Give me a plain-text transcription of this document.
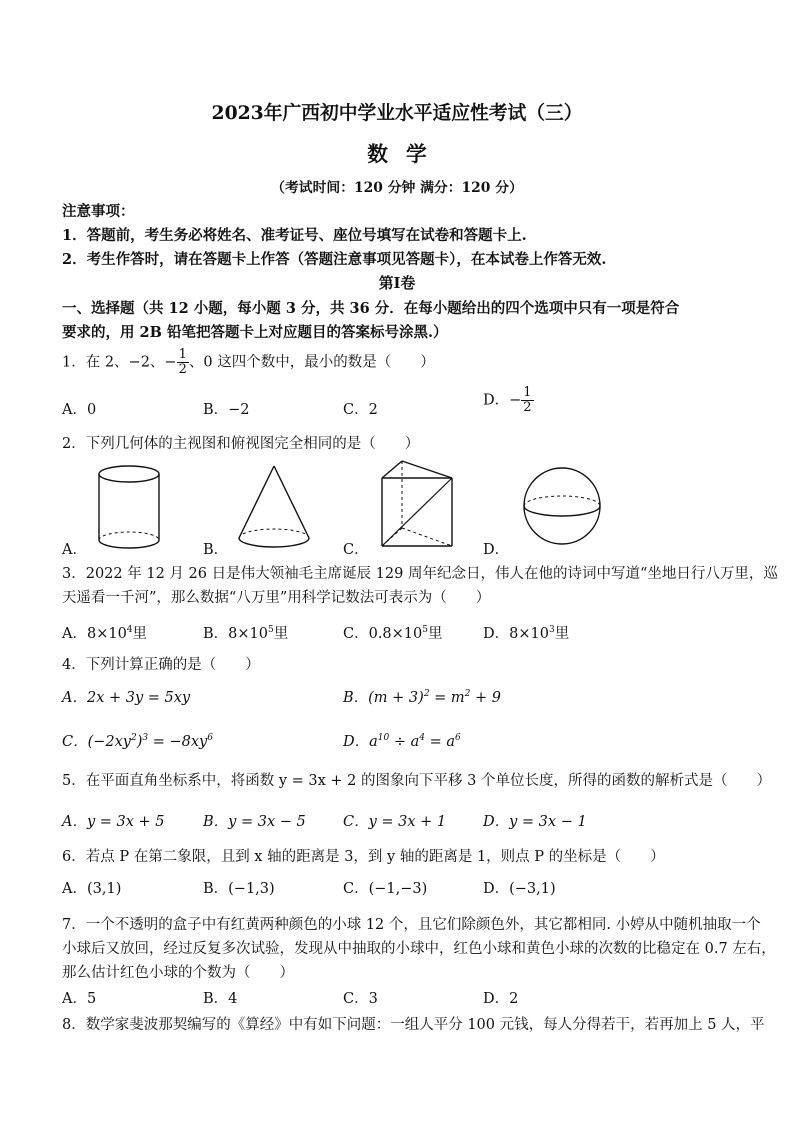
2023年广西初中学业水平适应性考试（三）
数学
（考试时间：120 分钟 满分：120 分）
注意事项：
1．答题前，考生务必将姓名、准考证号、座位号填写在试卷和答题卡上.
2．考生作答时，请在答题卡上作答（答题注意事项见答题卡），在本试卷上作答无效.
第Ⅰ卷
一、选择题（共 12 小题，每小题 3 分，共 36 分．在每小题给出的四个选项中只有一项是符合
要求的，用 2B 铅笔把答题卡上对应题目的答案标号涂黑.）
1．在 2、−2、− $\frac{1}{2}$ 、0 这四个数中，最小的数是（　　）
A．0	B．−2	C．2
D．− $\frac{1}{2}$
2．下列几何体的主视图和俯视图完全相同的是（　　）
A．	B．	C．	D．
3．2022 年 12 月 26 日是伟大领袖毛主席诞辰 129 周年纪念日，伟人在他的诗词中写道“坐地日行八万里，巡
天遥看一千河”，那么数据“八万里”用科学记数法可表示为（　　）
A．$8\times 10^4$里	B．$8\times 10^5$里	C．$0.8\times 10^5$里	D．$8\times 10^3$里
4．下列计算正确的是（　　）
A．2x + 3y = 5xy	B．$(m + 3)^2 = m^2 + 9$
C．$(-2xy^2)^3 = -8xy^6$	D．$a^{10} \div a^4 = a^6$
5．在平面直角坐标系中，将函数 y = 3x + 2 的图象向下平移 3 个单位长度，所得的函数的解析式是（　　）
A．y = 3x + 5	B．y = 3x − 5	C．y = 3x + 1	D．y = 3x − 1
6．若点 P 在第二象限，且到 x 轴的距离是 3，到 y 轴的距离是 1，则点 P 的坐标是（　　）
A．(3,1)	B．(−1,3)	C．(−1,−3)	D．(−3,1)
7．一个不透明的盒子中有红黄两种颜色的小球 12 个，且它们除颜色外，其它都相同. 小婷从中随机抽取一个
小球后又放回，经过反复多次试验，发现从中抽取的小球中，红色小球和黄色小球的次数的比稳定在 0.7 左右，
那么估计红色小球的个数为（　　）
A．5	B．4	C．3	D．2
8．数学家斐波那契编写的《算经》中有如下问题：一组人平分 100 元钱，每人分得若干，若再加上 5 人，平
